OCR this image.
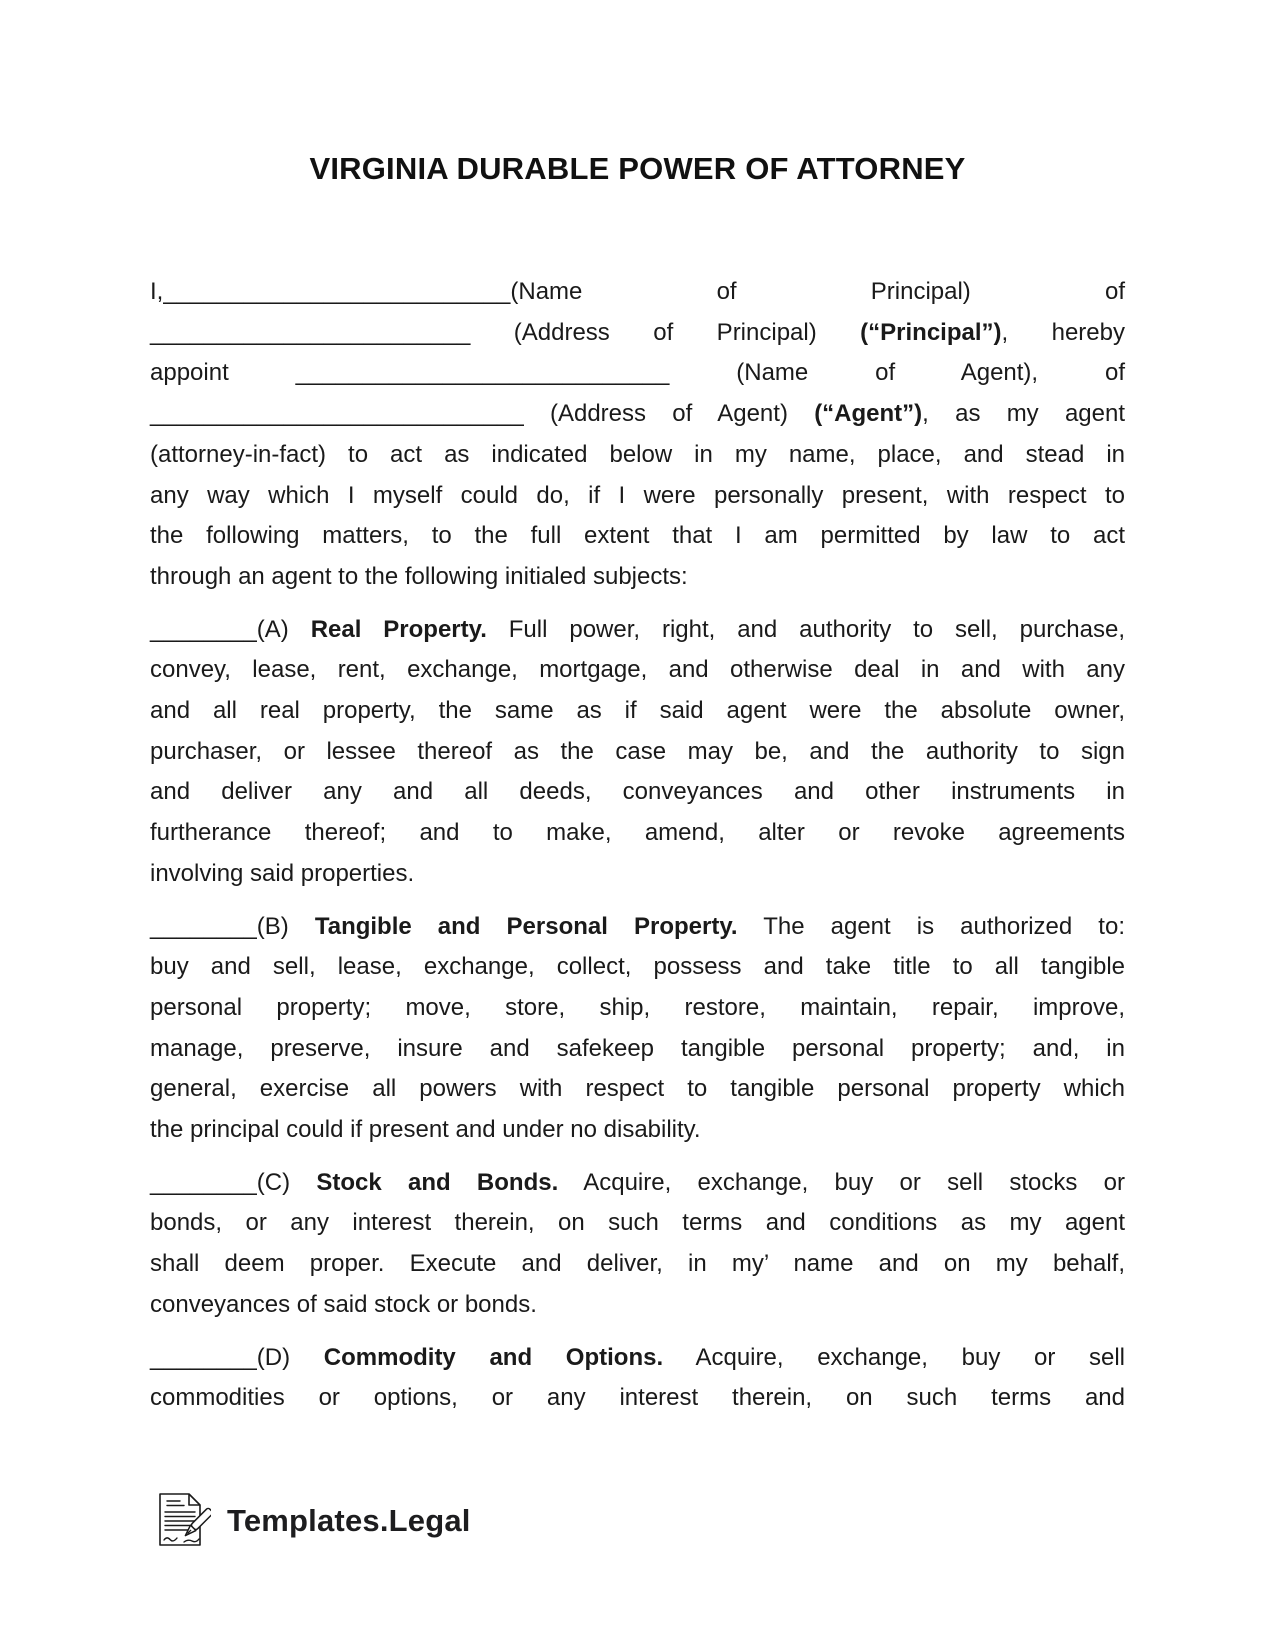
VIRGINIA DURABLE POWER OF ATTORNEY
I,__________________________(Name of Principal) of
________________________ (Address of Principal) (“Principal”), hereby
appoint ____________________________ (Name of Agent), of
____________________________ (Address of Agent) (“Agent”), as my agent
(attorney-in-fact) to act as indicated below in my name, place, and stead in
any way which I myself could do, if I were personally present, with respect to
the following matters, to the full extent that I am permitted by law to act
through an agent to the following initialed subjects:
________(A) Real Property. Full power, right, and authority to sell, purchase,
convey, lease, rent, exchange, mortgage, and otherwise deal in and with any
and all real property, the same as if said agent were the absolute owner,
purchaser, or lessee thereof as the case may be, and the authority to sign
and deliver any and all deeds, conveyances and other instruments in
furtherance thereof; and to make, amend, alter or revoke agreements
involving said properties.
________(B) Tangible and Personal Property. The agent is authorized to:
buy and sell, lease, exchange, collect, possess and take title to all tangible
personal property; move, store, ship, restore, maintain, repair, improve,
manage, preserve, insure and safekeep tangible personal property; and, in
general, exercise all powers with respect to tangible personal property which
the principal could if present and under no disability.
________(C) Stock and Bonds. Acquire, exchange, buy or sell stocks or
bonds, or any interest therein, on such terms and conditions as my agent
shall deem proper. Execute and deliver, in my’ name and on my behalf,
conveyances of said stock or bonds.
________(D) Commodity and Options. Acquire, exchange, buy or sell
commodities or options, or any interest therein, on such terms and
Templates.Legal
